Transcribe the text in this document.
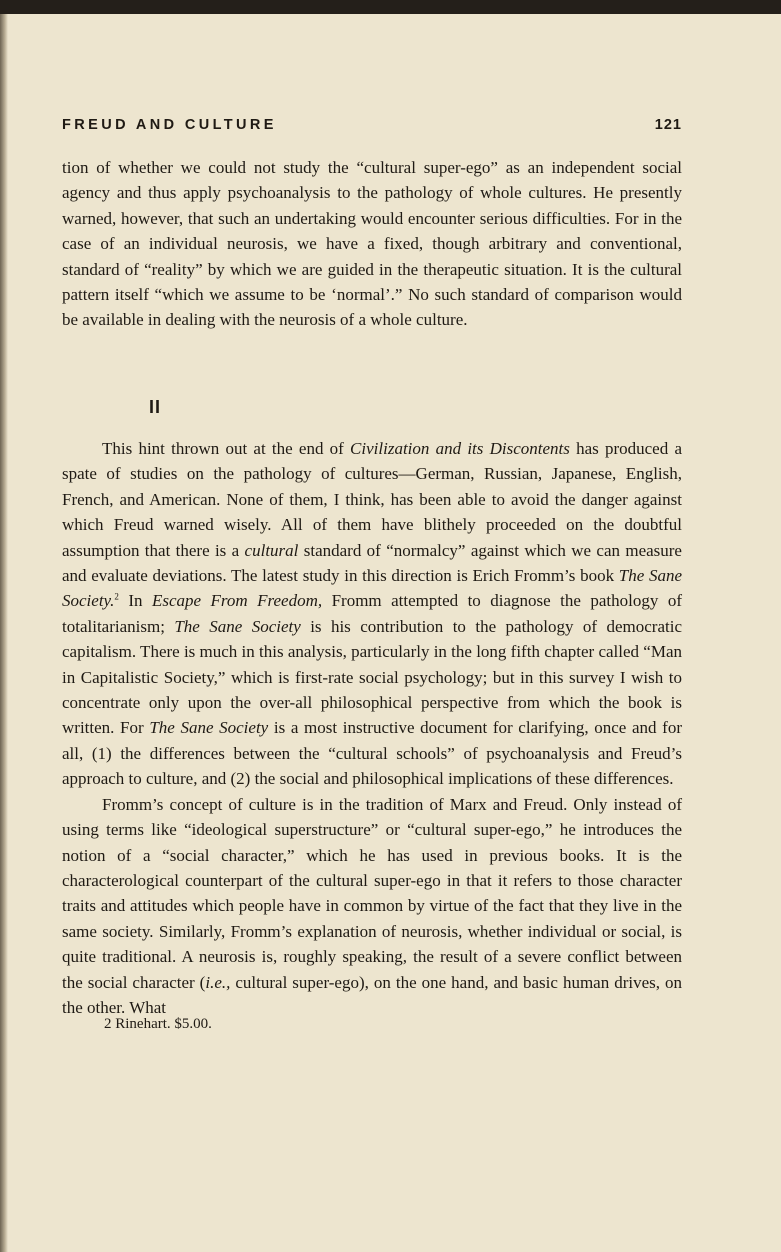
FREUD AND CULTURE	121

tion of whether we could not study the “cultural super-ego” as an independent social agency and thus apply psychoanalysis to the pathology of whole cultures. He presently warned, however, that such an undertaking would encounter serious difficulties. For in the case of an individual neurosis, we have a fixed, though arbitrary and conventional, standard of “reality” by which we are guided in the therapeutic situation. It is the cultural pattern itself “which we assume to be ‘normal’.” No such standard of comparison would be available in dealing with the neurosis of a whole culture.

II

This hint thrown out at the end of Civilization and its Discontents has produced a spate of studies on the pathology of cultures—German, Russian, Japanese, English, French, and American. None of them, I think, has been able to avoid the danger against which Freud warned wisely. All of them have blithely proceeded on the doubtful assumption that there is a cultural standard of “normalcy” against which we can measure and evaluate deviations. The latest study in this direction is Erich Fromm’s book The Sane Society.$^2$ In Escape From Freedom, Fromm attempted to diagnose the pathology of totalitarianism; The Sane Society is his contribution to the pathology of democratic capitalism. There is much in this analysis, particularly in the long fifth chapter called “Man in Capitalistic Society,” which is first-rate social psychology; but in this survey I wish to concentrate only upon the over-all philosophical perspective from which the book is written. For The Sane Society is a most instructive document for clarifying, once and for all, (1) the differences between the “cultural schools” of psychoanalysis and Freud’s approach to culture, and (2) the social and philosophical implications of these differences.

Fromm’s concept of culture is in the tradition of Marx and Freud. Only instead of using terms like “ideological superstructure” or “cultural super-ego,” he introduces the notion of a “social character,” which he has used in previous books. It is the characterological counterpart of the cultural super-ego in that it refers to those character traits and attitudes which people have in common by virtue of the fact that they live in the same society. Similarly, Fromm’s explanation of neurosis, whether individual or social, is quite traditional. A neurosis is, roughly speaking, the result of a severe conflict between the social character (i.e., cultural super-ego), on the one hand, and basic human drives, on the other. What

2 Rinehart. $5.00.
